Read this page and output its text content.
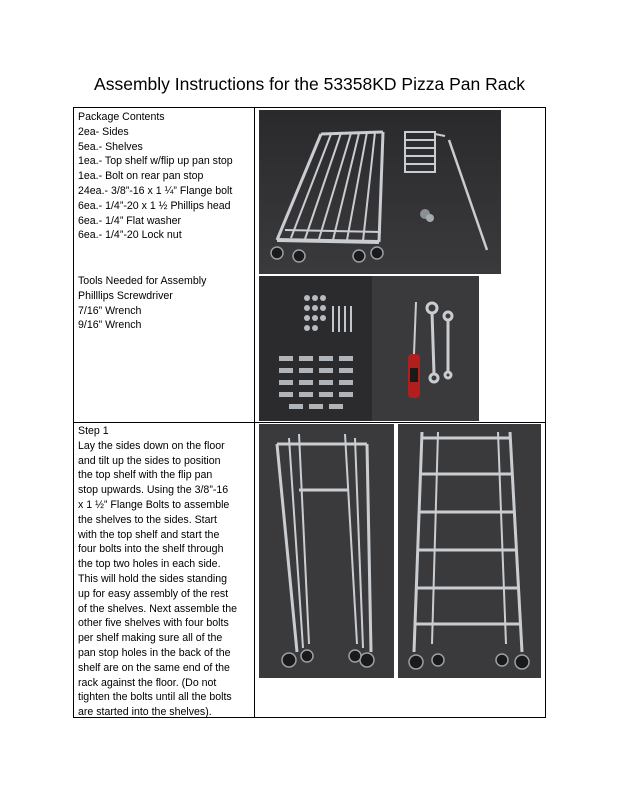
Assembly Instructions for the 53358KD Pizza Pan Rack
Package Contents
2ea- Sides
5ea.- Shelves
1ea.- Top shelf w/flip up pan stop
1ea.- Bolt on rear pan stop
24ea.- 3/8”-16 x 1 ¼” Flange bolt
6ea.- 1/4”-20 x 1 ½ Phillips head
6ea.- 1/4” Flat washer
6ea.- 1/4”-20 Lock nut
Tools Needed for Assembly
Philllips Screwdriver
7/16” Wrench
9/16” Wrench
Step 1
Lay the sides down on the floor
and tilt up the sides to position
the top shelf with the flip pan
stop upwards. Using the 3/8”-16
x 1 ½” Flange Bolts to assemble
the shelves to the sides. Start
with the top shelf and start the
four bolts into the shelf through
the top two holes in each side.
This will hold the sides standing
up for easy assembly of the rest
of the shelves. Next assemble the
other five shelves with four bolts
per shelf making sure all of the
pan stop holes in the back of the
shelf are on the same end of the
rack against the floor. (Do not
tighten the bolts until all the bolts
are started into the shelves).
